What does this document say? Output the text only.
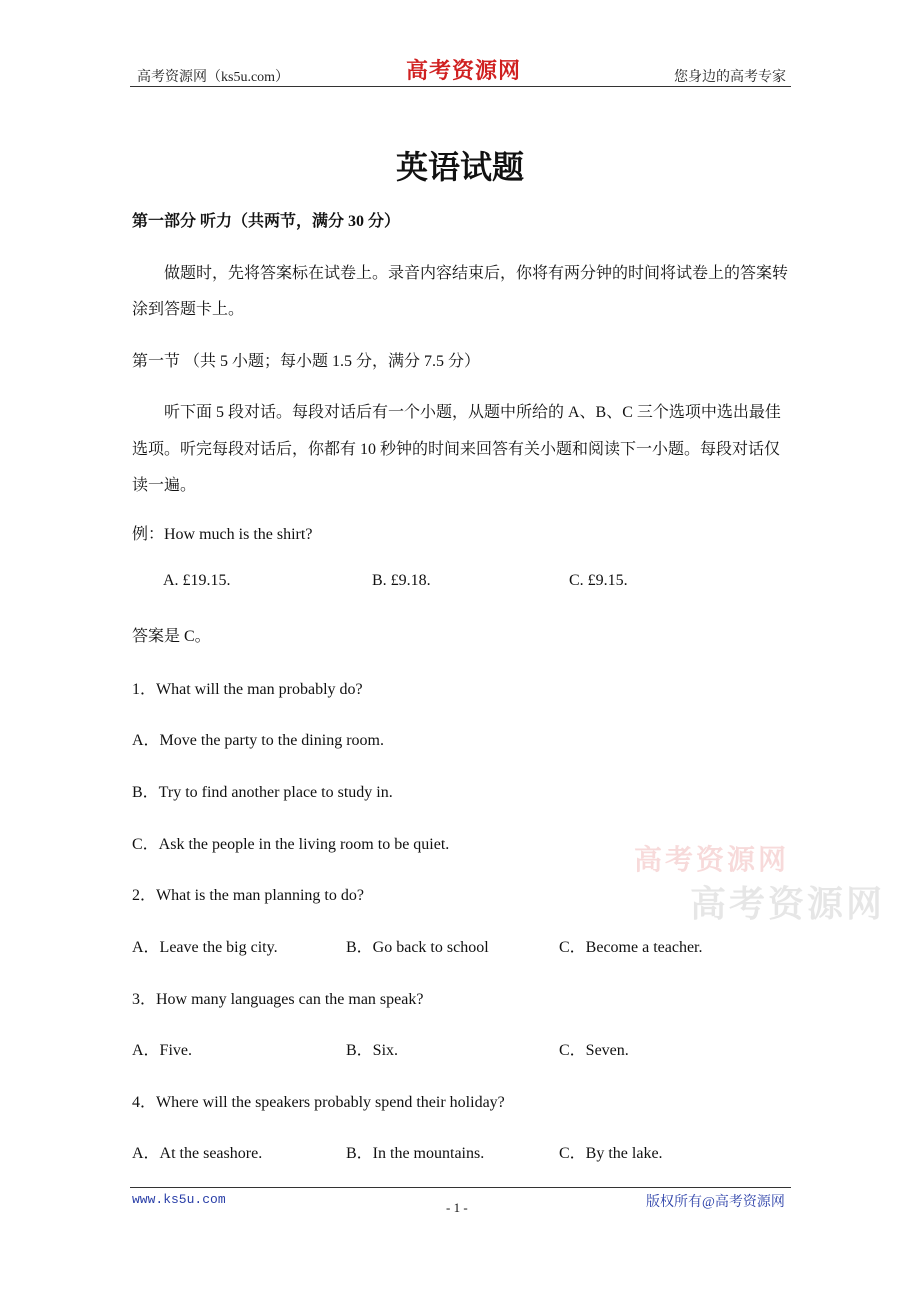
高考资源网（ks5u.com）	高考资源网	您身边的高考专家
英语试题
第一部分 听力（共两节，满分 30 分）
做题时，先将答案标在试卷上。录音内容结束后，你将有两分钟的时间将试卷上的答案转
涂到答题卡上。
第一节 （共 5 小题；每小题 1.5 分，满分 7.5 分）
听下面 5 段对话。每段对话后有一个小题，从题中所给的 A、B、C 三个选项中选出最佳
选项。听完每段对话后，你都有 10 秒钟的时间来回答有关小题和阅读下一小题。每段对话仅
读一遍。
例：How much is the shirt?
A. £19.15.	B. £9.18.	C. £9.15.
答案是 C。
1．What will the man probably do?
A．Move the party to the dining room.
B．Try to find another place to study in.
C．Ask the people in the living room to be quiet.	高考资源网
高考资源网
2．What is the man planning to do?
A．Leave the big city.	B．Go back to school	C．Become a teacher.
3．How many languages can the man speak?
A．Five.	B．Six.	C．Seven.
4．Where will the speakers probably spend their holiday?
A．At the seashore.	B．In the mountains.	C．By the lake.
www.ks5u.com
- 1 -	版权所有@高考资源网
